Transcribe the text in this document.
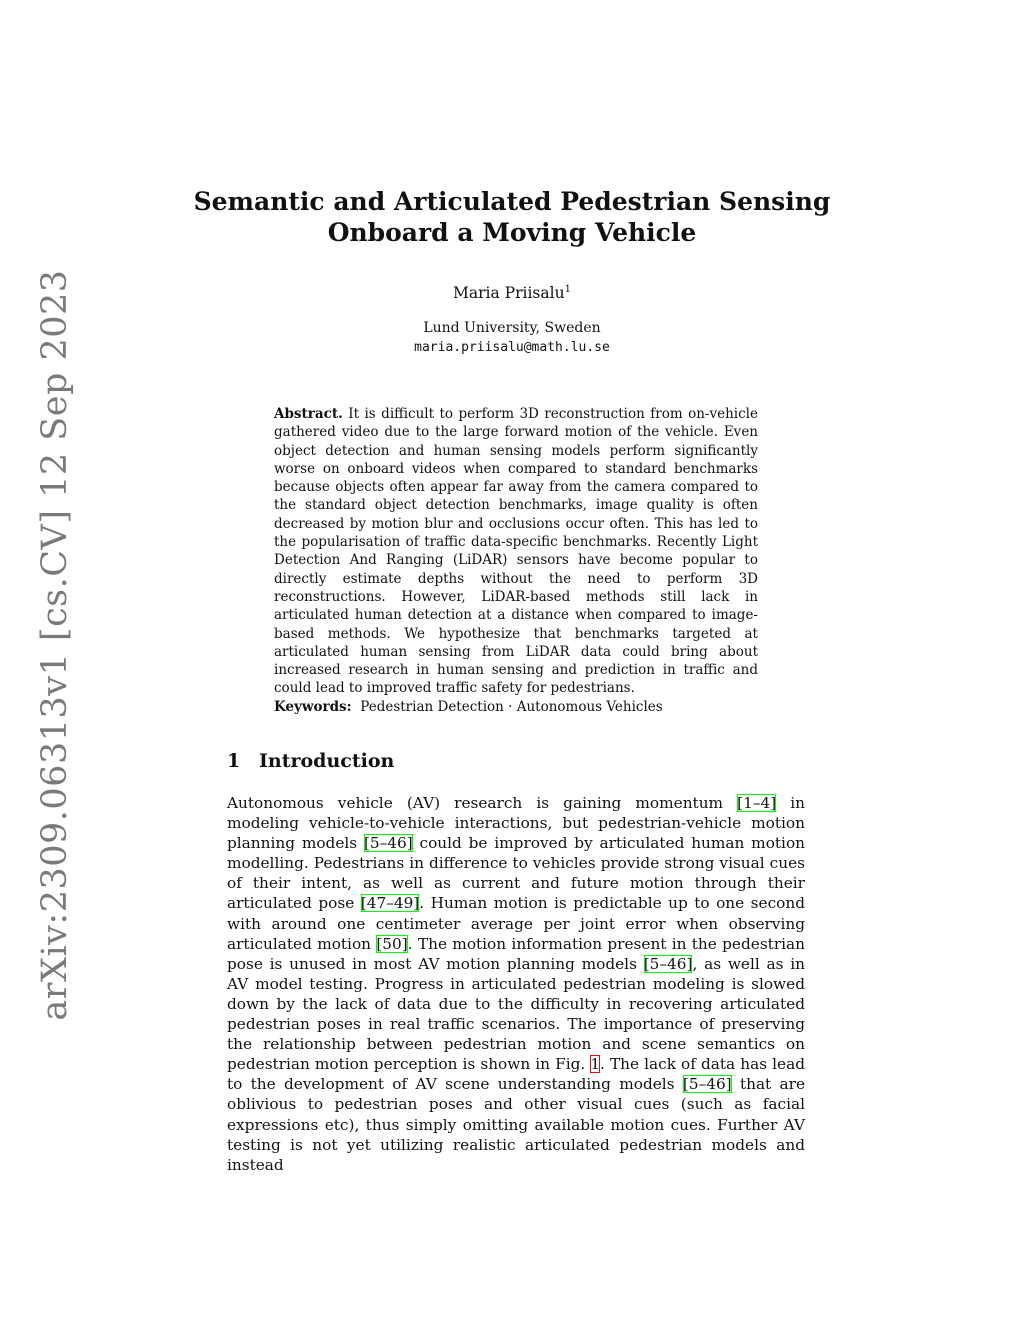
arXiv:2309.06313v1 [cs.CV] 12 Sep 2023
Semantic and Articulated Pedestrian Sensing
Onboard a Moving Vehicle
Maria Priisalu$^1$
Lund University, Sweden
maria.priisalu@math.lu.se
Abstract. It is difficult to perform 3D reconstruction from on-vehicle gathered video due to the large forward motion of the vehicle. Even object detection and human sensing models perform significantly worse on onboard videos when compared to standard benchmarks because objects often appear far away from the camera compared to the standard object detection benchmarks, image quality is often decreased by motion blur and occlusions occur often. This has led to the popularisation of traffic data-specific benchmarks. Recently Light Detection And Ranging (LiDAR) sensors have become popular to directly estimate depths without the need to perform 3D reconstructions. However, LiDAR-based methods still lack in articulated human detection at a distance when compared to image-based methods. We hypothesize that benchmarks targeted at articulated human sensing from LiDAR data could bring about increased research in human sensing and prediction in traffic and could lead to improved traffic safety for pedestrians.
Keywords: Pedestrian Detection · Autonomous Vehicles
1 Introduction
Autonomous vehicle (AV) research is gaining momentum [1–4] in modeling vehicle-to-vehicle interactions, but pedestrian-vehicle motion planning models [5–46] could be improved by articulated human motion modelling. Pedestrians in difference to vehicles provide strong visual cues of their intent, as well as current and future motion through their articulated pose [47–49]. Human motion is predictable up to one second with around one centimeter average per joint error when observing articulated motion [50]. The motion information present in the pedestrian pose is unused in most AV motion planning models [5–46], as well as in AV model testing. Progress in articulated pedestrian modeling is slowed down by the lack of data due to the difficulty in recovering articulated pedestrian poses in real traffic scenarios. The importance of preserving the relationship between pedestrian motion and scene semantics on pedestrian motion perception is shown in Fig. 1. The lack of data has lead to the development of AV scene understanding models [5–46] that are oblivious to pedestrian poses and other visual cues (such as facial expressions etc), thus simply omitting available motion cues. Further AV testing is not yet utilizing realistic articulated pedestrian models and instead
